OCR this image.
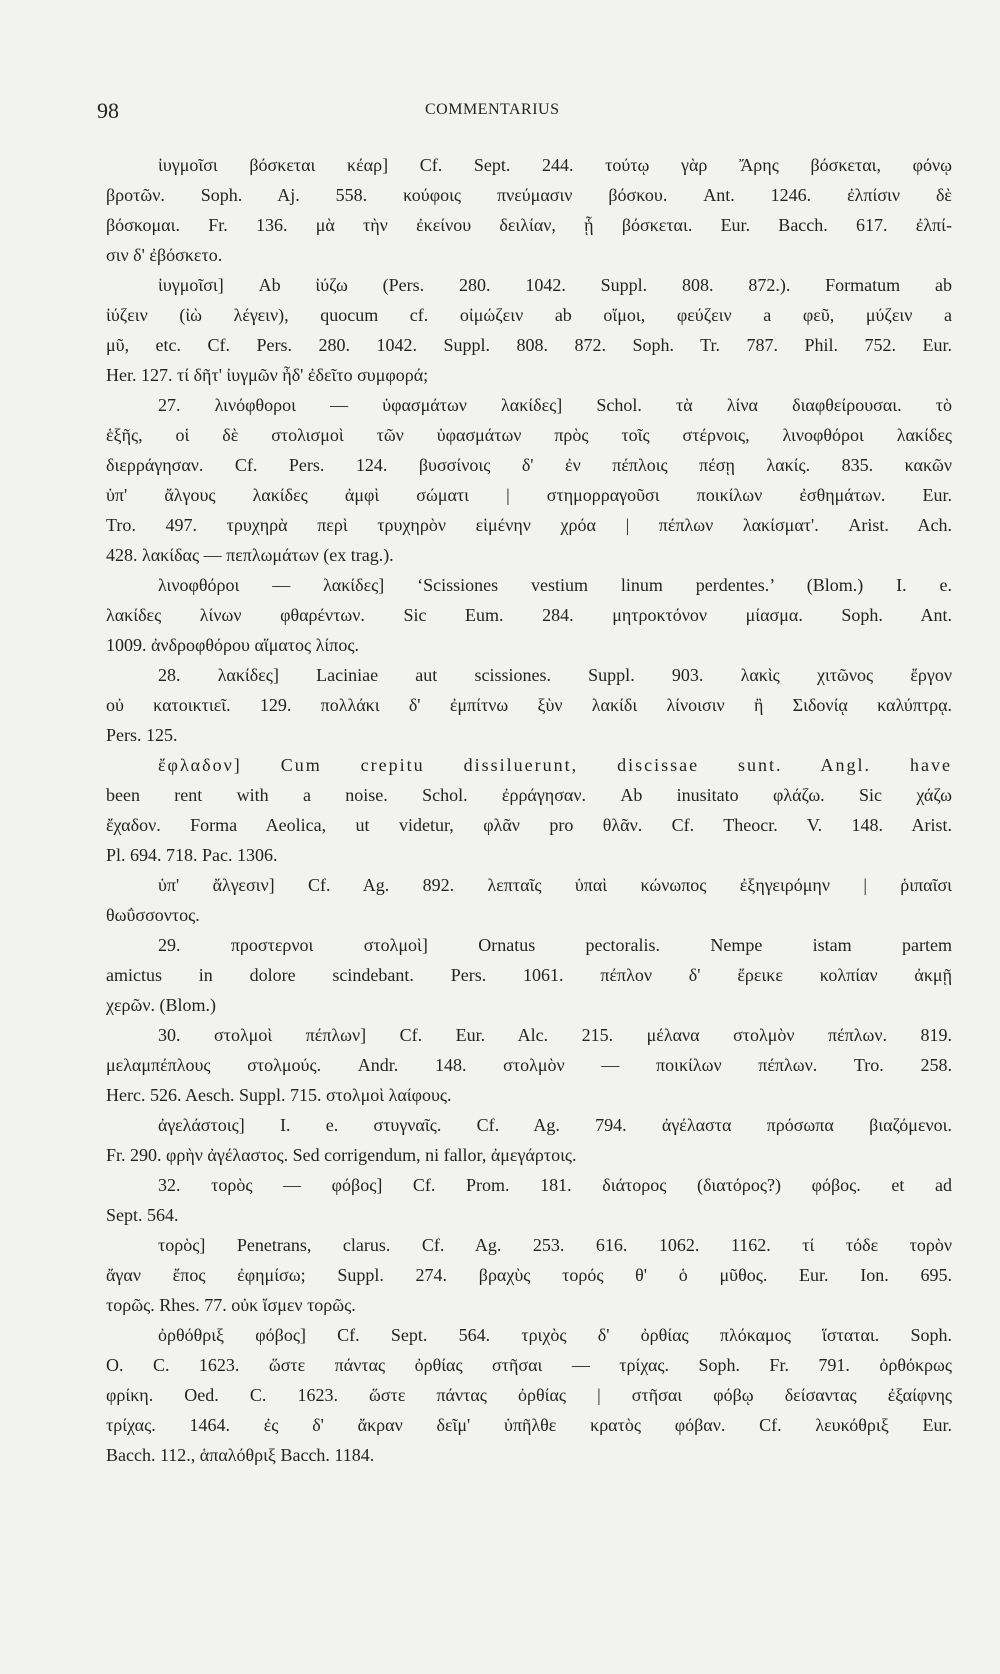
98	COMMENTARIUS
ἰυγμοῖσι βόσκεται κέαρ] Cf. Sept. 244. τούτῳ γὰρ Ἄρης βόσκεται, φόνῳ
βροτῶν. Soph. Aj. 558. κούφοις πνεύμασιν βόσκου. Ant. 1246. ἐλπίσιν δὲ
βόσκομαι. Fr. 136. μὰ τὴν ἐκείνου δειλίαν, ᾗ βόσκεται. Eur. Bacch. 617. ἐλπί-
σιν δ' ἐβόσκετο.
ἰυγμοῖσι] Ab ἰύζω (Pers. 280. 1042. Suppl. 808. 872.). Formatum ab
ἰύζειν (ἰὼ λέγειν), quocum cf. οἰμώζειν ab οἴμοι, φεύζειν a φεῦ, μύζειν a
μῦ, etc. Cf. Pers. 280. 1042. Suppl. 808. 872. Soph. Tr. 787. Phil. 752. Eur.
Her. 127. τί δῆτ' ἰυγμῶν ἦδ' ἐδεῖτο συμφορά;
27. λινόφθοροι — ὑφασμάτων λακίδες] Schol. τὰ λίνα διαφθείρουσαι. τὸ
ἑξῆς, οἱ δὲ στολισμοὶ τῶν ὑφασμάτων πρὸς τοῖς στέρνοις, λινοφθόροι λακίδες
διερράγησαν. Cf. Pers. 124. βυσσίνοις δ' ἐν πέπλοις πέσῃ λακίς. 835. κακῶν
ὑπ' ἄλγους λακίδες ἀμφὶ σώματι | στημορραγοῦσι ποικίλων ἐσθημάτων. Eur.
Tro. 497. τρυχηρὰ περὶ τρυχηρὸν εἱμένην χρόα | πέπλων λακίσματ'. Arist. Ach.
428. λακίδας — πεπλωμάτων (ex trag.).
λινοφθόροι — λακίδες] ‘Scissiones vestium linum perdentes.’ (Blom.) I. e.
λακίδες λίνων φθαρέντων. Sic Eum. 284. μητροκτόνον μίασμα. Soph. Ant.
1009. ἀνδροφθόρου αἵματος λίπος.
28. λακίδες] Laciniae aut scissiones. Suppl. 903. λακὶς χιτῶνος ἔργον
οὐ κατοικτιεῖ. 129. πολλάκι δ' ἐμπίτνω ξὺν λακίδι λίνοισιν ἢ Σιδονίᾳ καλύπτρᾳ.
Pers. 125.
ἔφλαδον] Cum crepitu dissiluerunt, discissae sunt. Angl. have
been rent with a noise. Schol. ἐρράγησαν. Ab inusitato φλάζω. Sic χάζω
ἔχαδον. Forma Aeolica, ut videtur, φλᾶν pro θλᾶν. Cf. Theocr. V. 148. Arist.
Pl. 694. 718. Pac. 1306.
ὑπ' ἄλγεσιν] Cf. Ag. 892. λεπταῖς ὑπαὶ κώνωπος ἐξηγειρόμην | ῥιπαῖσι
θωΰσσοντος.
29. προστερνοι στολμοὶ] Ornatus pectoralis. Nempe istam partem
amictus in dolore scindebant. Pers. 1061. πέπλον δ' ἔρεικε κολπίαν ἀκμῇ
χερῶν. (Blom.)
30. στολμοὶ πέπλων] Cf. Eur. Alc. 215. μέλανα στολμὸν πέπλων. 819.
μελαμπέπλους στολμούς. Andr. 148. στολμὸν — ποικίλων πέπλων. Tro. 258.
Herc. 526. Aesch. Suppl. 715. στολμοὶ λαίφους.
ἀγελάστοις] I. e. στυγναῖς. Cf. Ag. 794. ἀγέλαστα πρόσωπα βιαζόμενοι.
Fr. 290. φρὴν ἀγέλαστος. Sed corrigendum, ni fallor, ἀμεγάρτοις.
32. τορὸς — φόβος] Cf. Prom. 181. διάτορος (διατόρος?) φόβος. et ad
Sept. 564.
τορὸς] Penetrans, clarus. Cf. Ag. 253. 616. 1062. 1162. τί τόδε τορὸν
ἄγαν ἔπος ἐφημίσω; Suppl. 274. βραχὺς τορός θ' ὁ μῦθος. Eur. Ion. 695.
τορῶς. Rhes. 77. οὐκ ἴσμεν τορῶς.
ὀρθόθριξ φόβος] Cf. Sept. 564. τριχὸς δ' ὀρθίας πλόκαμος ἵσταται. Soph.
O. C. 1623. ὥστε πάντας ὀρθίας στῆσαι — τρίχας. Soph. Fr. 791. ὀρθόκρως
φρίκη. Oed. C. 1623. ὥστε πάντας ὀρθίας | στῆσαι φόβῳ δείσαντας ἐξαίφνης
τρίχας. 1464. ἐς δ' ἄκραν δεῖμ' ὑπῆλθε κρατὸς φόβαν. Cf. λευκόθριξ Eur.
Bacch. 112., ἁπαλόθριξ Bacch. 1184.
